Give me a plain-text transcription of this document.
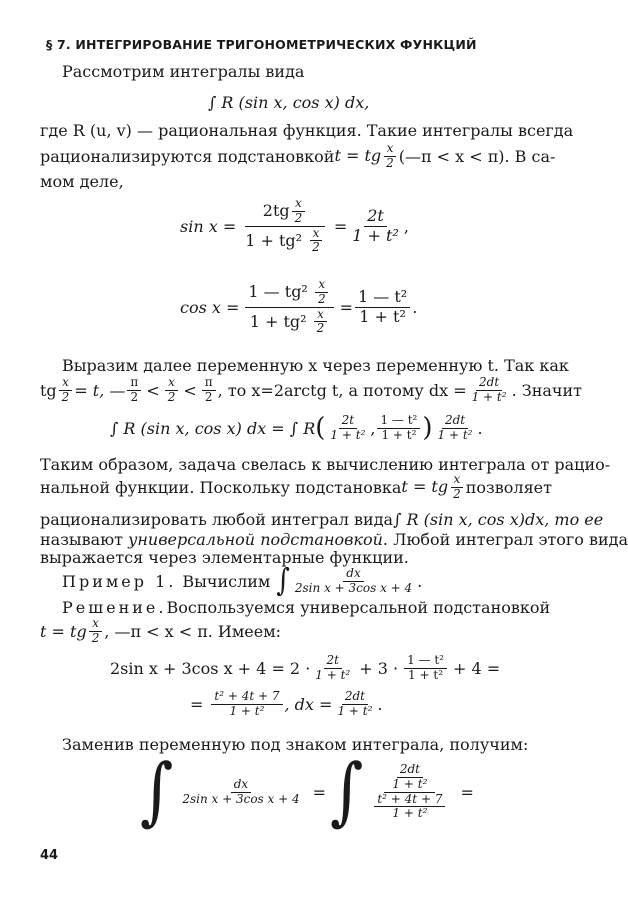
§ 7. ИНТЕГРИРОВАНИЕ ТРИГОНОМЕТРИЧЕСКИХ ФУНКЦИЙ
Рассмотрим интегралы вида
∫ R (sin x, cos x) dx,
где R (u, v) — рациональная функция. Такие интегралы всегда
рационализируются подстановкой t = tg $\frac{x}{2}$ (—π < x < π). В са-
мом деле,
$\sin x = \frac{2tg \frac{x}{2}}{1 + tg^2 \frac{x}{2}} = \frac{2t}{\text{1 + t²}}$ ,
$\cos x = \frac{1 — tg^2 \frac{x}{2}}{1 + tg^2 \frac{x}{2}} = \frac{\text{1 — t²}}{\text{1 + t²}}$ .
Выразим далее переменную x через переменную t. Так как
tg $\frac{x}{2} = t$, — $\frac{\pi}{2} < \frac{x}{2} < \frac{\pi}{2}$ , то x=2arctg t, а потому dx = $\frac{2dt}{\text{1 + t²}}$ . Значит
∫ R (sin x, cos x) dx = ∫ R ( $\frac{2t}{\text{1 + t²}}$ , $\frac{\text{1 — t²}}{\text{1 + t²}}$ ) $\frac{2dt}{\text{1 + t²}}$ .
Таким образом, задача свелась к вычислению интеграла от рацио-
нальной функции. Поскольку подстановка t = tg $\frac{x}{2}$ позволяет
рационализировать любой интеграл вида ∫ R (sin x, cos x)dx, то ее
называют универсальной подстановкой. Любой интеграл этого вида
выражается через элементарные функции.
Пример 1. Вычислим ∫ $\frac{dx}{\text{2sin x + 3cos x + 4}}$ .
Решение. Воспользуемся универсальной подстановкой
t = tg $\frac{x}{2}$ , —π < x < π. Имеем:
2sin x + 3cos $x + 4 = 2 \cdot \frac{2t}{\text{1 + t²}} + 3 \cdot \frac{\text{1 — t²}}{\text{1 + t²}} + 4$ =
= $\frac{\text{t² + 4t + 7}}{\text{1 + t²}}$ , dx = $\frac{2dt}{\text{1 + t²}}$ .
Заменив переменную под знаком интеграла, получим:
∫ $\frac{dx}{\text{2sin x + 3cos x + 4}}$ = ∫ $\frac{\frac{2dt}{\text{1 + t²}}}{\frac{\text{t² + 4t + 7}}{\text{1 + t²}}}$ =
44
